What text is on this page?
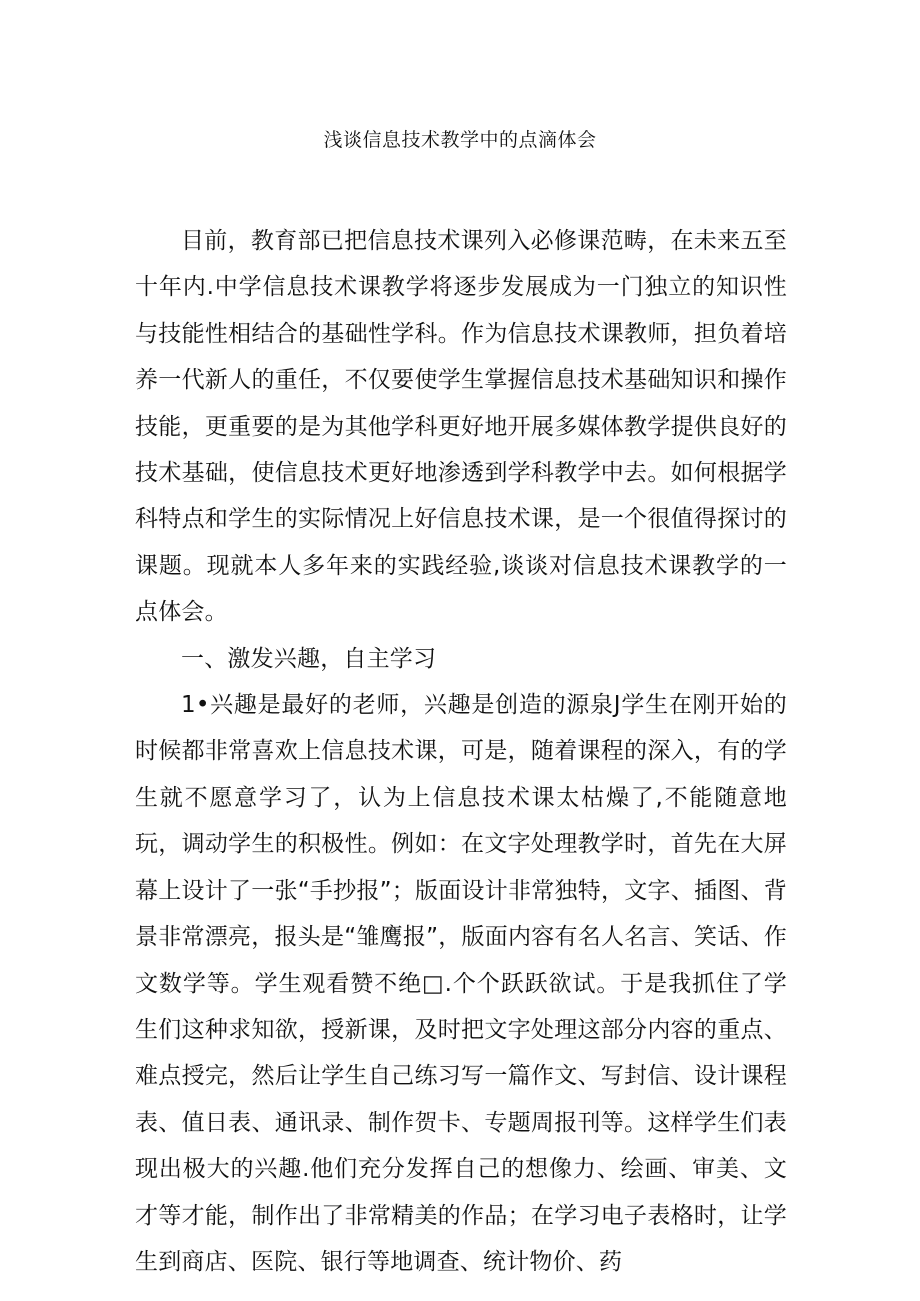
浅谈信息技术教学中的点滴体会

目前，教育部已把信息技术课列入必修课范畴，在未来五至十年内.中学信息技术课教学将逐步发展成为一门独立的知识性与技能性相结合的基础性学科。作为信息技术课教师，担负着培养一代新人的重任，不仅要使学生掌握信息技术基础知识和操作技能，更重要的是为其他学科更好地开展多媒体教学提供良好的技术基础，使信息技术更好地渗透到学科教学中去。如何根据学科特点和学生的实际情况上好信息技术课，是一个很值得探讨的课题。现就本人多年来的实践经验,谈谈对信息技术课教学的一点体会。

一、激发兴趣，自主学习

1•兴趣是最好的老师，兴趣是创造的源泉J学生在刚开始的时候都非常喜欢上信息技术课，可是，随着课程的深入，有的学生就不愿意学习了，认为上信息技术课太枯燥了,不能随意地玩，调动学生的积极性。例如：在文字处理教学时，首先在大屏幕上设计了一张“手抄报”；版面设计非常独特，文字、插图、背景非常漂亮，报头是“雏鹰报”，版面内容有名人名言、笑话、作文数学等。学生观看赞不绝□.个个跃跃欲试。于是我抓住了学生们这种求知欲，授新课，及时把文字处理这部分内容的重点、难点授完，然后让学生自己练习写一篇作文、写封信、设计课程表、值日表、通讯录、制作贺卡、专题周报刊等。这样学生们表现出极大的兴趣.他们充分发挥自己的想像力、绘画、审美、文才等才能，制作出了非常精美的作品；在学习电子表格时，让学生到商店、医院、银行等地调查、统计物价、药
